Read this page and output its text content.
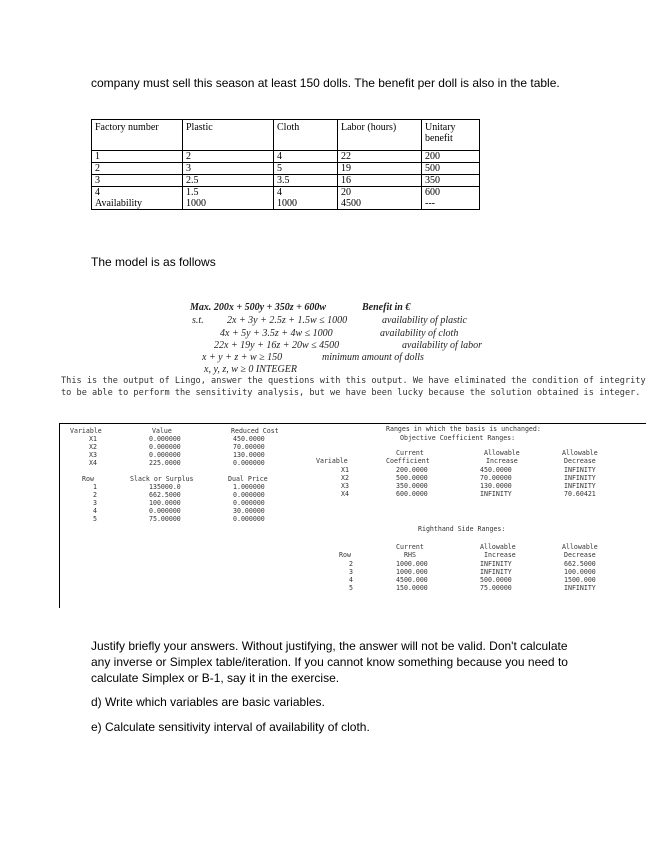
company must sell this season at least 150 dolls. The benefit per doll is also in the table.

Factory number	Plastic	Cloth	Labor (hours)	Unitary benefit
1	2	4	22	200
2	3	5	19	500
3	2.5	3.5	16	350
4	1.5	4	20	600
Availability	1000	1000	4500	---

The model is as follows

Max. 200x + 500y + 350z + 600w	Benefit in €
s.t. 2x + 3y + 2.5z + 1.5w ≤ 1000	availability of plastic
4x + 5y + 3.5z + 4w ≤ 1000	availability of cloth
22x + 19y + 16z + 20w ≤ 4500	availability of labor
x + y + z + w ≥ 150	minimum amount of dolls
x, y, z, w ≥ 0 INTEGER

This is the output of Lingo, answer the questions with this output. We have eliminated the condition of integrity to be able to perform the sensitivity analysis, but we have been lucky because the solution obtained is integer.

Variable	Value	Reduced Cost
X1	0.000000	450.0000
X2	0.000000	70.00000
X3	0.000000	130.0000
X4	225.0000	0.000000
Row	Slack or Surplus	Dual Price
1	135000.0	1.000000
2	662.5000	0.000000
3	100.0000	0.000000
4	0.000000	30.00000
5	75.00000	0.000000
Ranges in which the basis is unchanged:
Objective Coefficient Ranges:
Current	Allowable	Allowable
Variable	Coefficient	Increase	Decrease
X1	200.0000	450.0000	INFINITY
X2	500.0000	70.00000	INFINITY
X3	350.0000	130.0000	INFINITY
X4	600.0000	INFINITY	70.60421
Righthand Side Ranges:
Current	Allowable	Allowable
Row	RHS	Increase	Decrease
2	1000.000	INFINITY	662.5000
3	1000.000	INFINITY	100.0000
4	4500.000	500.0000	1500.000
5	150.0000	75.00000	INFINITY

Justify briefly your answers. Without justifying, the answer will not be valid. Don't calculate any inverse or Simplex table/iteration. If you cannot know something because you need to calculate Simplex or B-1, say it in the exercise.

d) Write which variables are basic variables.

e) Calculate sensitivity interval of availability of cloth.
